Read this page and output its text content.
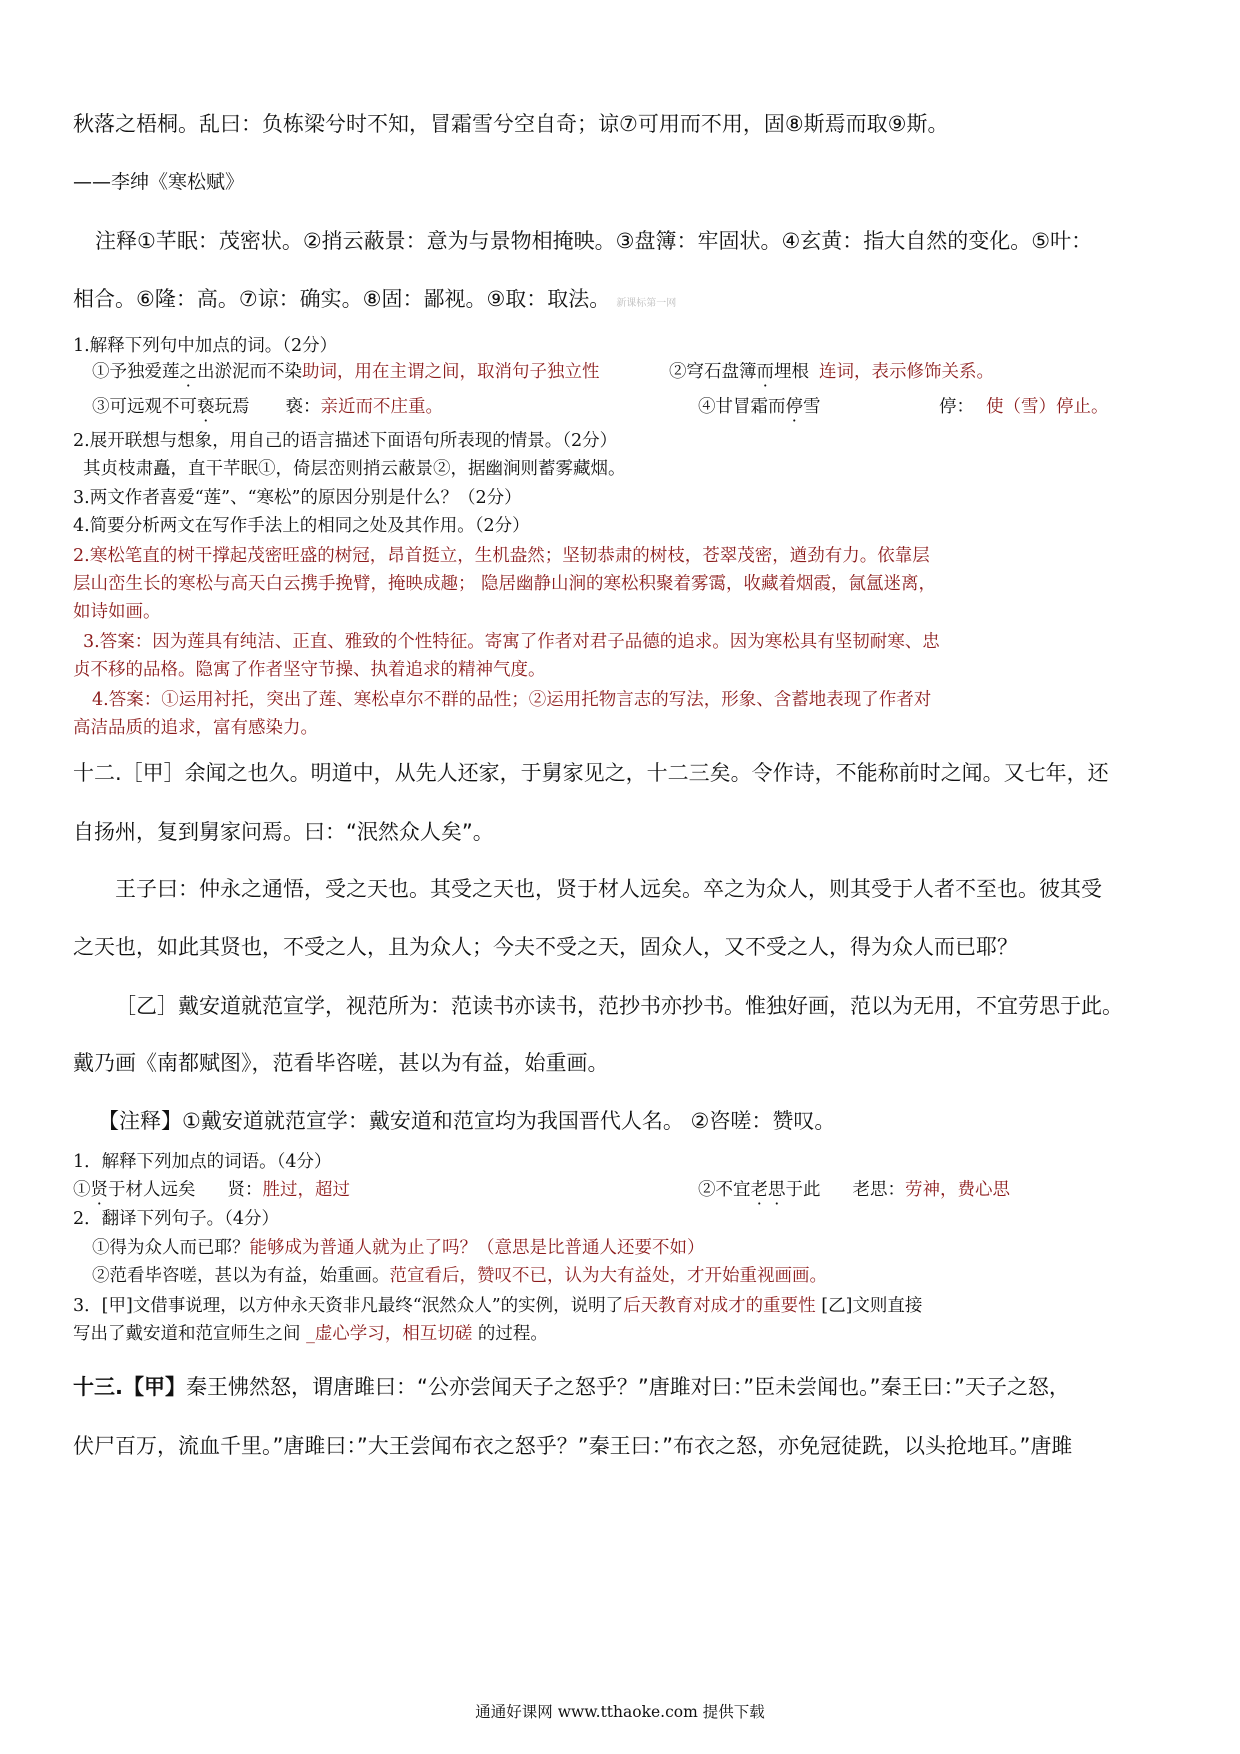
秋落之梧桐。乱曰：负栋梁兮时不知，冒霜雪兮空自奇；谅⑦可用而不用，固⑧斯焉而取⑨斯。
——李绅《寒松赋》
注释①芊眠：茂密状。②捎云蔽景：意为与景物相掩映。③盘簿：牢固状。④玄黄：指大自然的变化。⑤叶：
相合。⑥隆：高。⑦谅：确实。⑧固：鄙视。⑨取：取法。 新课标第一网
1.解释下列句中加点的词。（2分）
①予独爱莲之出淤泥而不染助词，用在主谓之间，取消句子独立性	②穹石盘簿而埋根 连词，表示修饰关系。
③可远观不可亵玩焉 亵：亲近而不庄重。	④甘冒霜而停雪	停： 使（雪）停止。
2.展开联想与想象，用自己的语言描述下面语句所表现的情景。（2分）
其贞枝肃矗，直干芊眠①，倚层峦则捎云蔽景②，据幽涧则蓄雾藏烟。
3.两文作者喜爱“莲”、“寒松”的原因分别是什么？（2分）
4.简要分析两文在写作手法上的相同之处及其作用。（2分）
2.寒松笔直的树干撑起茂密旺盛的树冠，昂首挺立，生机盎然；坚韧恭肃的树枝，苍翠茂密，遒劲有力。依靠层
层山峦生长的寒松与高天白云携手挽臂，掩映成趣； 隐居幽静山涧的寒松积聚着雾霭，收藏着烟霞，氤氲迷离，
如诗如画。
3.答案：因为莲具有纯洁、正直、雅致的个性特征。寄寓了作者对君子品德的追求。因为寒松具有坚韧耐寒、忠
贞不移的品格。隐寓了作者坚守节操、执着追求的精神气度。
4.答案：①运用衬托，突出了莲、寒松卓尔不群的品性；②运用托物言志的写法，形象、含蓄地表现了作者对
高洁品质的追求，富有感染力。
十二.［甲］余闻之也久。明道中，从先人还家，于舅家见之，十二三矣。令作诗，不能称前时之闻。又七年，还
自扬州，复到舅家问焉。曰：“泯然众人矣”。
王子曰：仲永之通悟，受之天也。其受之天也，贤于材人远矣。卒之为众人，则其受于人者不至也。彼其受
之天也，如此其贤也，不受之人，且为众人；今夫不受之天，固众人，又不受之人，得为众人而已耶？
［乙］戴安道就范宣学，视范所为：范读书亦读书，范抄书亦抄书。惟独好画，范以为无用，不宜劳思于此。
戴乃画《南都赋图》，范看毕咨嗟，甚以为有益，始重画。
【注释】①戴安道就范宣学：戴安道和范宣均为我国晋代人名。 ②咨嗟：赞叹。
1．解释下列加点的词语。（4分）
①贤于材人远矣 贤：胜过，超过	②不宜老思于此 老思：劳神，费心思
2．翻译下列句子。（4分）
①得为众人而已耶？能够成为普通人就为止了吗？（意思是比普通人还要不如）
②范看毕咨嗟，甚以为有益，始重画。范宣看后，赞叹不已，认为大有益处，才开始重视画画。
3．[甲]文借事说理，以方仲永天资非凡最终“泯然众人”的实例，说明了后天教育对成才的重要性 [乙]文则直接
写出了戴安道和范宣师生之间 _虚心学习，相互切磋 的过程。
十三.【甲】秦王怫然怒，谓唐雎曰：“公亦尝闻天子之怒乎？”唐雎对曰：”臣未尝闻也。”秦王曰：”天子之怒，
伏尸百万，流血千里。”唐雎曰：”大王尝闻布衣之怒乎？”秦王曰：”布衣之怒，亦免冠徒跣，以头抢地耳。”唐雎
通通好课网 www.tthaoke.com 提供下载
